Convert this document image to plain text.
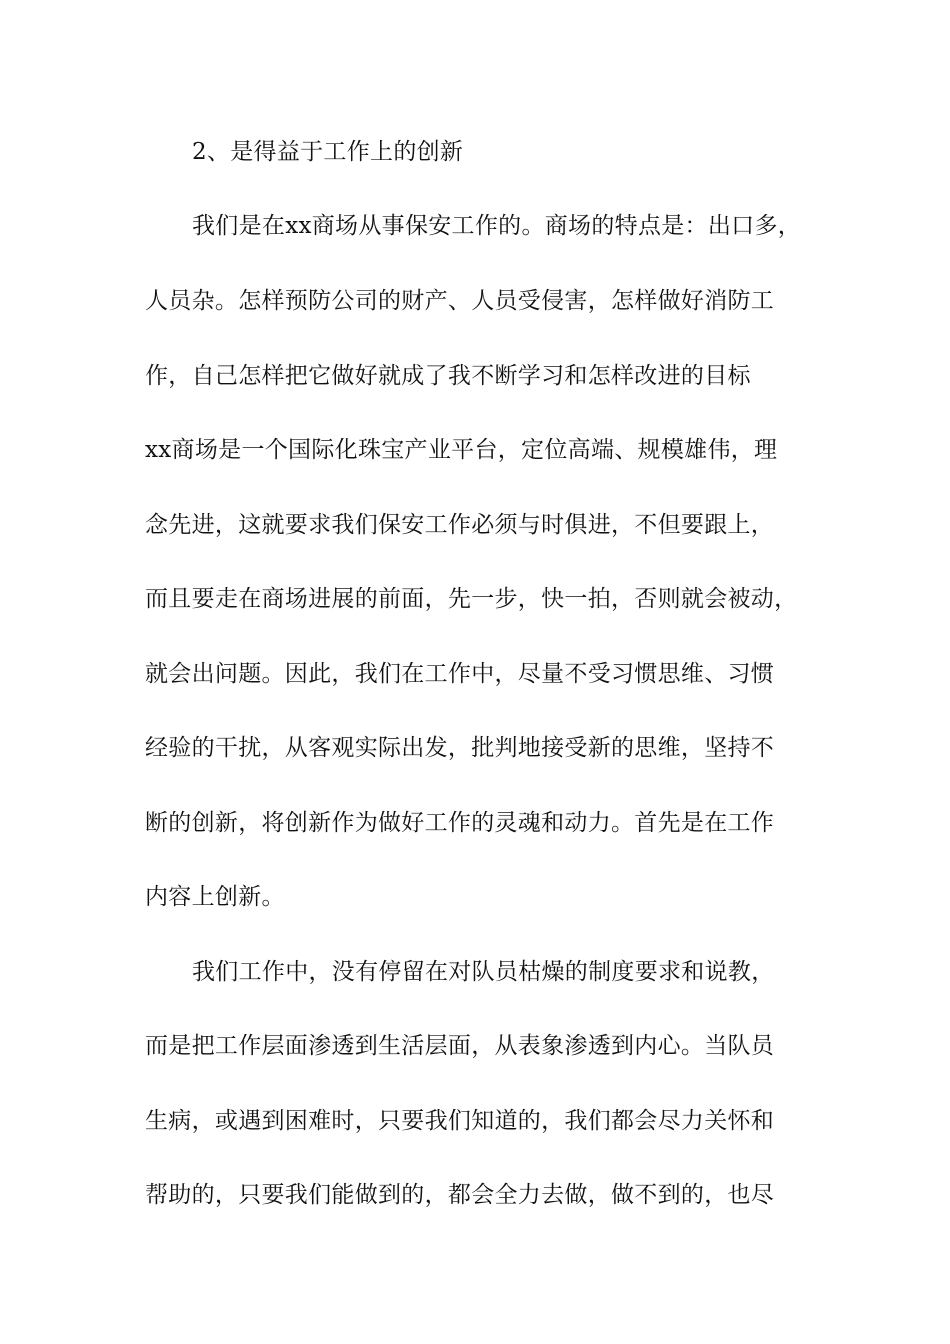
2、是得益于工作上的创新
我们是在xx商场从事保安工作的。商场的特点是：出口多，
人员杂。怎样预防公司的财产、人员受侵害，怎样做好消防工
作，自己怎样把它做好就成了我不断学习和怎样改进的目标
xx商场是一个国际化珠宝产业平台，定位高端、规模雄伟，理
念先进，这就要求我们保安工作必须与时俱进，不但要跟上，
而且要走在商场进展的前面，先一步，快一拍，否则就会被动，
就会出问题。因此，我们在工作中，尽量不受习惯思维、习惯
经验的干扰，从客观实际出发，批判地接受新的思维，坚持不
断的创新，将创新作为做好工作的灵魂和动力。首先是在工作
内容上创新。
我们工作中，没有停留在对队员枯燥的制度要求和说教，
而是把工作层面渗透到生活层面，从表象渗透到内心。当队员
生病，或遇到困难时，只要我们知道的，我们都会尽力关怀和
帮助的，只要我们能做到的，都会全力去做，做不到的，也尽
